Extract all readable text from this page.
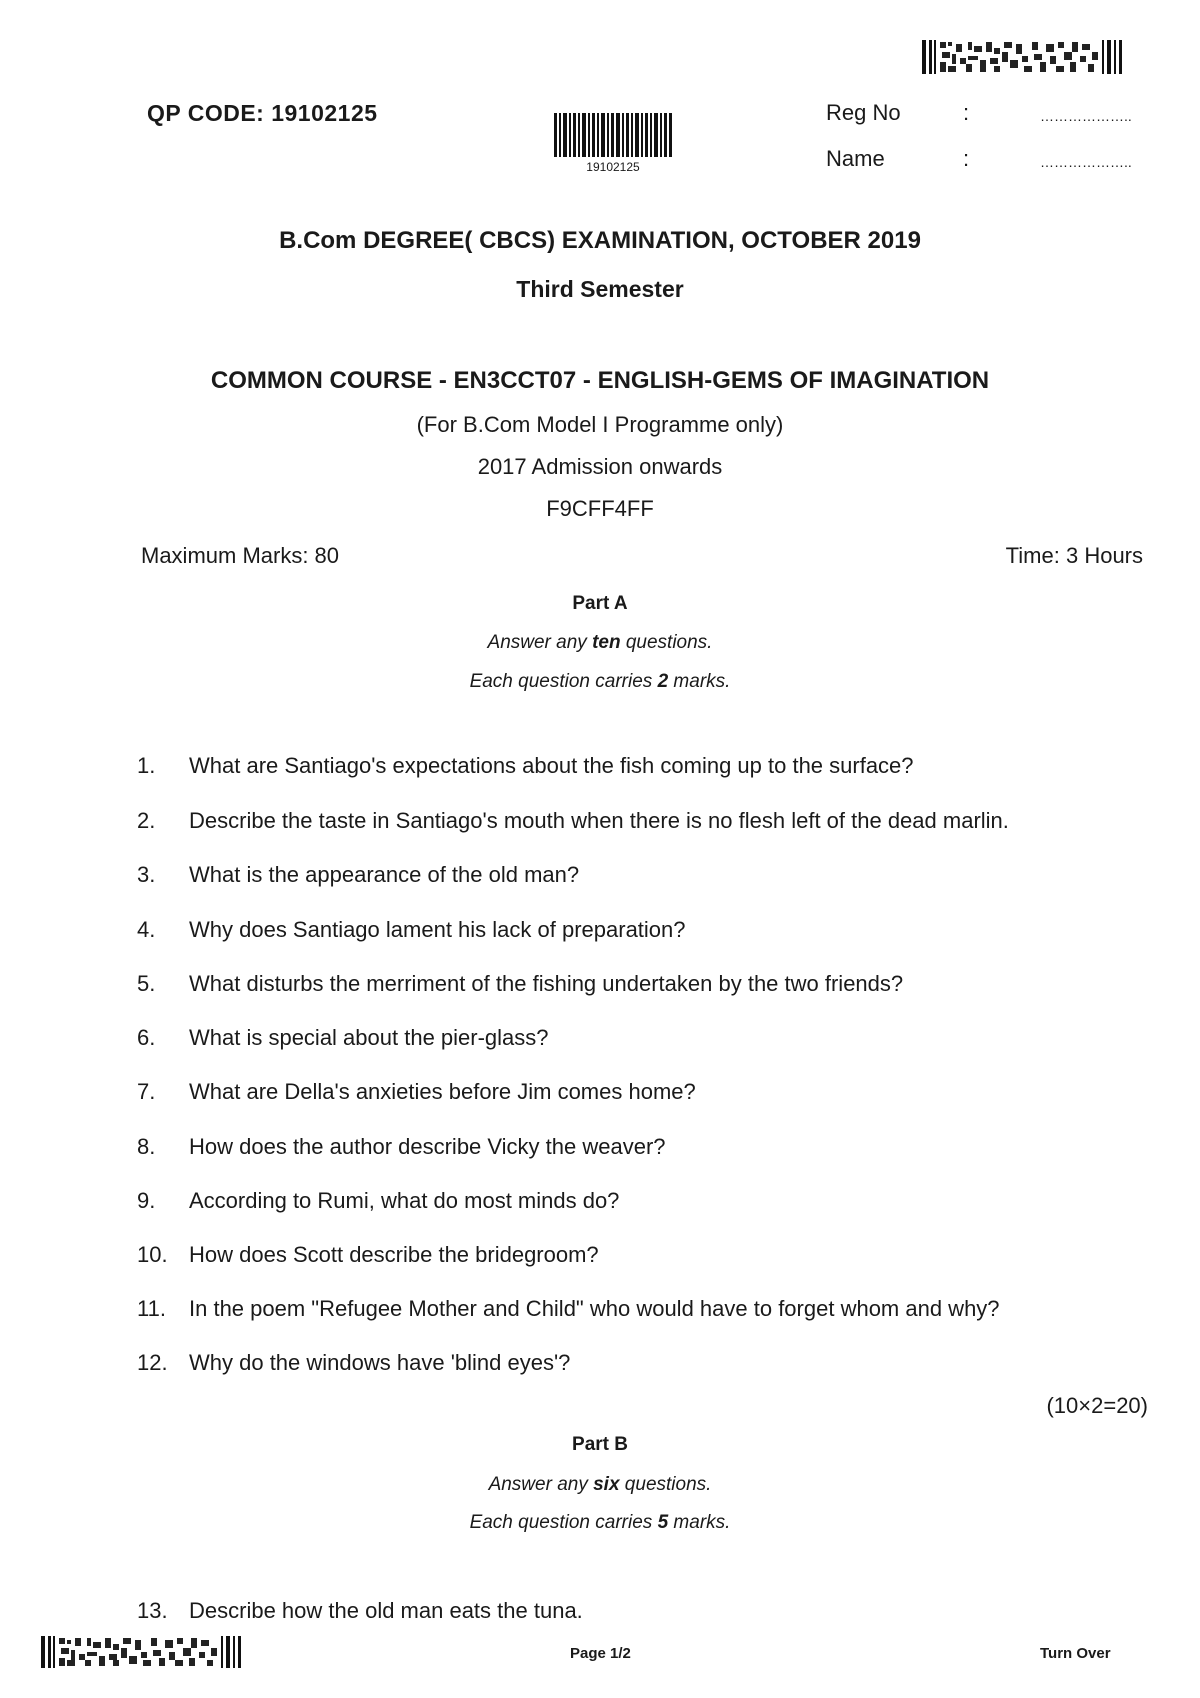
QP CODE: 19102125
19102125
Reg No	:	………………..
Name	:	………………..
B.Com DEGREE( CBCS) EXAMINATION, OCTOBER 2019
Third Semester
COMMON COURSE - EN3CCT07 - ENGLISH-GEMS OF IMAGINATION
(For B.Com Model I Programme only)
2017 Admission onwards
F9CFF4FF
Maximum Marks: 80	Time: 3 Hours
Part A
Answer any ten questions.
Each question carries 2 marks.
1. What are Santiago's expectations about the fish coming up to the surface?
2. Describe the taste in Santiago's mouth when there is no flesh left of the dead marlin.
3. What is the appearance of the old man?
4. Why does Santiago lament his lack of preparation?
5. What disturbs the merriment of the fishing undertaken by the two friends?
6. What is special about the pier-glass?
7. What are Della's anxieties before Jim comes home?
8. How does the author describe Vicky the weaver?
9. According to Rumi, what do most minds do?
10. How does Scott describe the bridegroom?
11. In the poem "Refugee Mother and Child" who would have to forget whom and why?
12. Why do the windows have 'blind eyes'?
(10×2=20)
Part B
Answer any six questions.
Each question carries 5 marks.
13. Describe how the old man eats the tuna.
Page 1/2	Turn Over
